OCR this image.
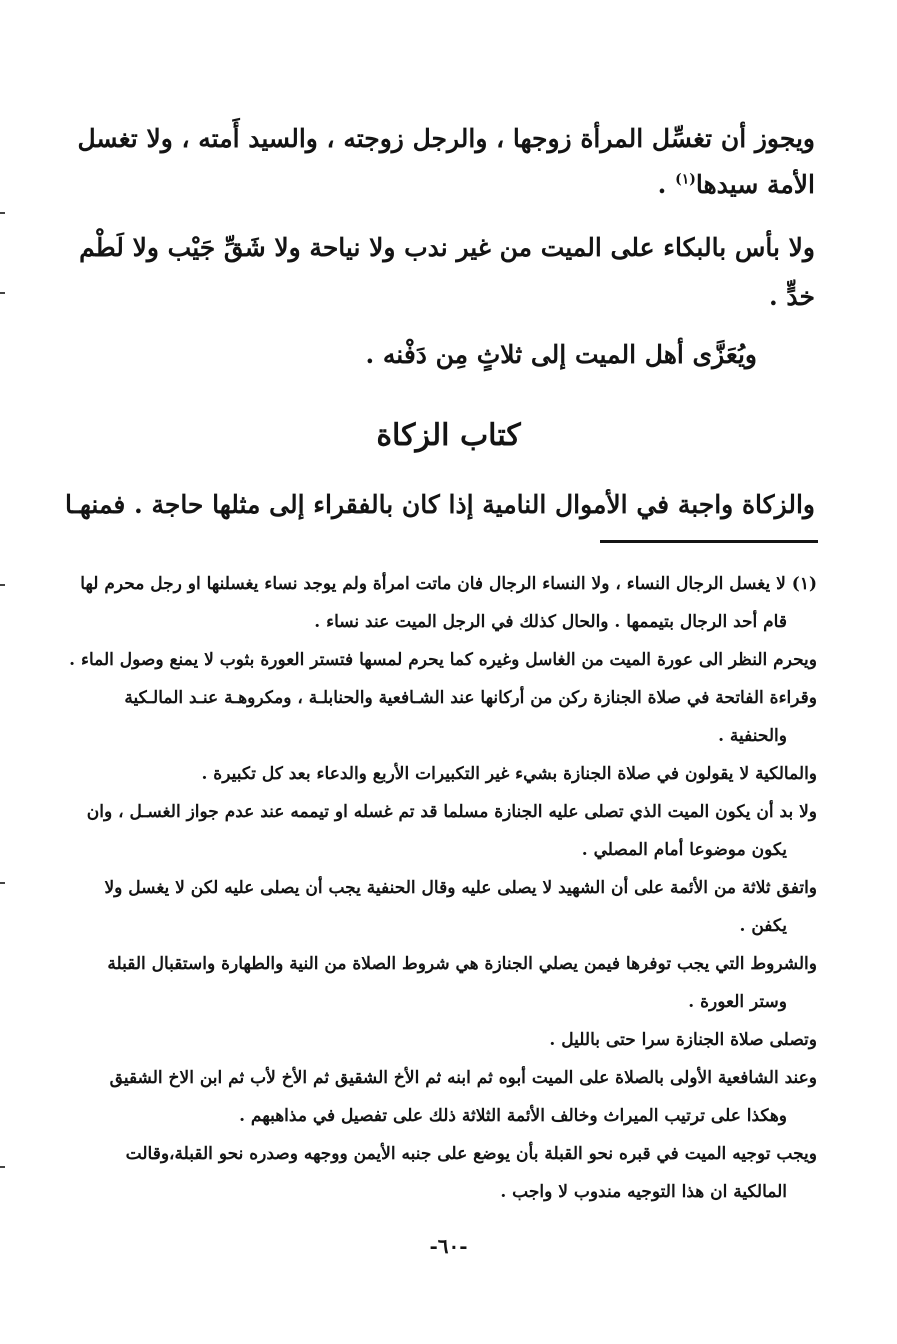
ويجوز أن تغسِّل المرأة زوجها ، والرجل زوجته ، والسيد أَمته ، ولا تغسل
الأمة سيدها$^{(١)}$ .
ولا بأس بالبكاء على الميت من غير ندب ولا نياحة ولا شَقِّ جَيْب ولا لَطْم
خدٍّ .
ويُعَزَّى أهل الميت إلى ثلاثٍ مِن دَفْنه .
كتاب الزكاة
والزكاة واجبة في الأموال النامية إذا كان بالفقراء إلى مثلها حاجة . فمنهـا
(١) لا يغسل الرجال النساء ، ولا النساء الرجال فان ماتت امرأة ولم يوجد نساء يغسلنها او رجل محرم لها
قام أحد الرجال بتيممها . والحال كذلك في الرجل الميت عند نساء .
ويحرم النظر الى عورة الميت من الغاسل وغيره كما يحرم لمسها فتستر العورة بثوب لا يمنع وصول الماء .
وقراءة الفاتحة في صلاة الجنازة ركن من أركانها عند الشـافعية والحنابلـة ، ومكروهـة عنـد المالـكية
والحنفية .
والمالكية لا يقولون في صلاة الجنازة بشيء غير التكبيرات الأربع والدعاء بعد كل تكبيرة .
ولا بد أن يكون الميت الذي تصلى عليه الجنازة مسلما قد تم غسله او تيممه عند عدم جواز الغسـل ، وان
يكون موضوعا أمام المصلي .
واتفق ثلاثة من الأئمة على أن الشهيد لا يصلى عليه وقال الحنفية يجب أن يصلى عليه لكن لا يغسل ولا
يكفن .
والشروط التي يجب توفرها فيمن يصلي الجنازة هي شروط الصلاة من النية والطهارة واستقبال القبلة
وستر العورة .
وتصلى صلاة الجنازة سرا حتى بالليل .
وعند الشافعية الأولى بالصلاة على الميت أبوه ثم ابنه ثم الأخ الشقيق ثم الأخ لأب ثم ابن الاخ الشقيق
وهكذا على ترتيب الميراث وخالف الأئمة الثلاثة ذلك على تفصيل في مذاهبهم .
ويجب توجيه الميت في قبره نحو القبلة بأن يوضع على جنبه الأيمن ووجهه وصدره نحو القبلة،وقالت
المالكية ان هذا التوجيه مندوب لا واجب .
-٦٠-
